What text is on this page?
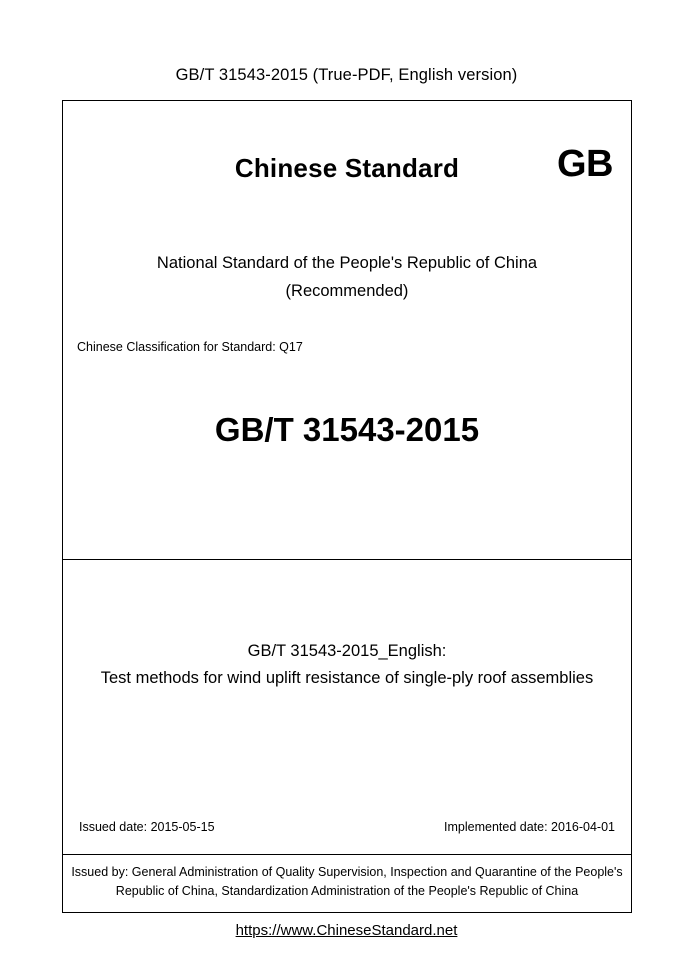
GB/T 31543-2015 (True-PDF, English version)
Chinese Standard	GB
National Standard of the People's Republic of China
(Recommended)
Chinese Classification for Standard: Q17
GB/T 31543-2015
GB/T 31543-2015_English:
Test methods for wind uplift resistance of single-ply roof assemblies
Issued date: 2015-05-15	Implemented date: 2016-04-01
Issued by: General Administration of Quality Supervision, Inspection and Quarantine of the People's Republic of China, Standardization Administration of the People's Republic of China
https://www.ChineseStandard.net
